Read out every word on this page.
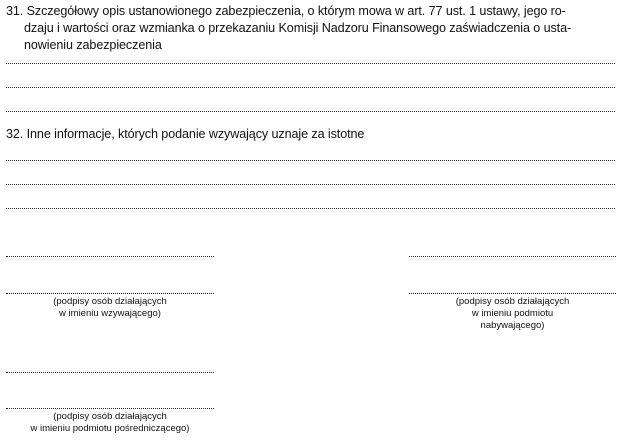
31. Szczegółowy opis ustanowionego zabezpieczenia, o którym mowa w art. 77 ust. 1 ustawy, jego ro-
dzaju i wartości oraz wzmianka o przekazaniu Komisji Nadzoru Finansowego zaświadczenia o usta-
nowieniu zabezpieczenia
32. Inne informacje, których podanie wzywający uznaje za istotne
(podpisy osób działających
w imieniu wzywającego)
(podpisy osób działających
w imieniu podmiotu
nabywającego)
(podpisy osób działających
w imieniu podmiotu pośredniczącego)
